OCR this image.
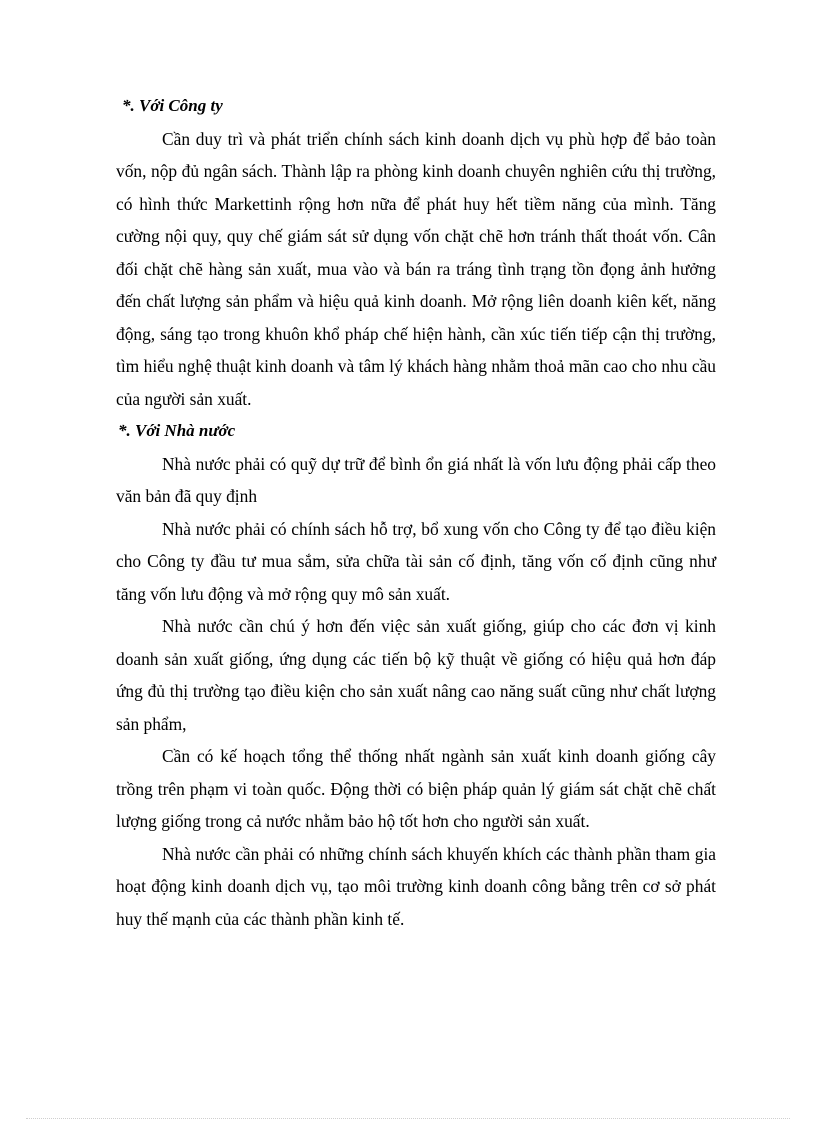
*. Với Công ty

Cần duy trì và phát triển chính sách kinh doanh dịch vụ phù hợp để bảo toàn vốn, nộp đủ ngân sách. Thành lập ra phòng kinh doanh chuyên nghiên cứu thị trường, có hình thức Markettinh rộng hơn nữa để phát huy hết tiềm năng của mình. Tăng cường nội quy, quy chế giám sát sử dụng vốn chặt chẽ hơn tránh thất thoát vốn. Cân đối chặt chẽ hàng sản xuất, mua vào và bán ra tráng tình trạng tồn đọng ảnh hưởng đến chất lượng sản phẩm và hiệu quả kinh doanh. Mở rộng liên doanh kiên kết, năng động, sáng tạo trong khuôn khổ pháp chế hiện hành, cần xúc tiến tiếp cận thị trường, tìm hiểu nghệ thuật kinh doanh và tâm lý khách hàng nhằm thoả mãn cao cho nhu cầu của người sản xuất.

*. Với Nhà nước

Nhà nước phải có quỹ dự trữ để bình ổn giá nhất là vốn lưu động phải cấp theo văn bản đã quy định

Nhà nước phải có chính sách hỗ trợ, bổ xung vốn cho Công ty để tạo điều kiện cho Công ty đầu tư mua sắm, sửa chữa tài sản cố định, tăng vốn cố định cũng như tăng vốn lưu động và mở rộng quy mô sản xuất.

Nhà nước cần chú ý hơn đến việc sản xuất giống, giúp cho các đơn vị kinh doanh sản xuất giống, ứng dụng các tiến bộ kỹ thuật về giống có hiệu quả hơn đáp ứng đủ thị trường tạo điều kiện cho sản xuất nâng cao năng suất cũng như chất lượng sản phẩm,

Cần có kế hoạch tổng thể thống nhất ngành sản xuất kinh doanh giống cây trồng trên phạm vi toàn quốc. Động thời có biện pháp quản lý giám sát chặt chẽ chất lượng giống trong cả nước nhằm bảo hộ tốt hơn cho người sản xuất.

Nhà nước cần phải có những chính sách khuyến khích các thành phần tham gia hoạt động kinh doanh dịch vụ, tạo môi trường kinh doanh công bằng trên cơ sở phát huy thế mạnh của các thành phần kinh tế.
